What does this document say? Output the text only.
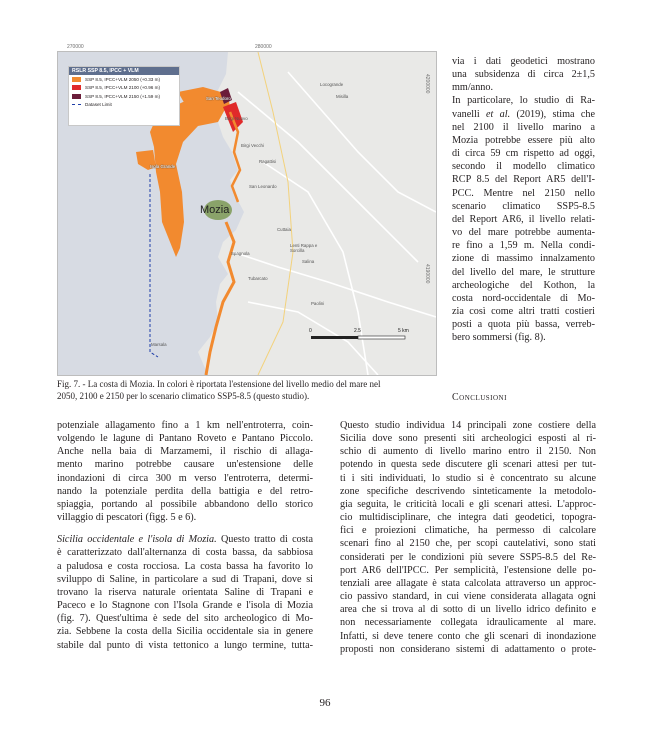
270000	280000
4200000
4190000
RSLR SSP 8.5, IPCC + VLM
SSP 8.5, IPCC+VLM 2050 (+0.33 m)
SSP 8.5, IPCC+VLM 2100 (+0.96 m)
SSP 8.5, IPCC+VLM 2150 (+1.59 m)
Dataset Limit
San Teodoro
Birgi Nuovo
Locogrande
Misilla
Birgi Vecchi
Ragattisi
Isola Grande
San Leonardo
Spagnola
Cuttaia
Lenti Rappa e Sorcilla
Salina
Tubarcato
Paolini
Marsala
Mozia
0	2.5	5 km
Fig. 7. - La costa di Mozia. In colori è riportata l'estensione del livello medio del mare nel
2050, 2100 e 2150 per lo scenario climatico SSP5-8.5 (questo studio).
via i dati geodetici mostrano
una subsidenza di circa 2±1,5
mm/anno.
In particolare, lo studio di Ra-
vanelli et al. (2019), stima che
nel 2100 il livello marino a
Mozia potrebbe essere più alto
di circa 59 cm rispetto ad oggi,
secondo il modello climatico
RCP 8.5 del Report AR5 dell'I-
PCC. Mentre nel 2150 nello
scenario climatico SSP5-8.5
del Report AR6, il livello relati-
vo del mare potrebbe aumenta-
re fino a 1,59 m. Nella condi-
zione di massimo innalzamento
del livello del mare, le strutture
archeologiche del Kothon, la
costa nord-occidentale di Mo-
zia così come altri tratti costieri
posti a quota più bassa, verreb-
bero sommersi (fig. 8).
Conclusioni
potenziale allagamento fino a 1 km nell'entroterra, coin-
volgendo le lagune di Pantano Roveto e Pantano Piccolo.
Anche nella baia di Marzamemi, il rischio di allaga-
mento marino potrebbe causare un'estensione delle
inondazioni di circa 300 m verso l'entroterra, determi-
nando la potenziale perdita della battigia e del retro-
spiaggia, portando al possibile abbandono dello storico
villaggio di pescatori (figg. 5 e 6).
Sicilia occidentale e l'isola di Mozia. Questo tratto di costa
è caratterizzato dall'alternanza di costa bassa, da sabbiosa
a paludosa e costa rocciosa. La costa bassa ha favorito lo
sviluppo di Saline, in particolare a sud di Trapani, dove si
trovano la riserva naturale orientata Saline di Trapani e
Paceco e lo Stagnone con l'Isola Grande e l'isola di Mozia
(fig. 7). Quest'ultima è sede del sito archeologico di Mo-
zia. Sebbene la costa della Sicilia occidentale sia in genere
stabile dal punto di vista tettonico a lungo termine, tutta-
Questo studio individua 14 principali zone costiere della
Sicilia dove sono presenti siti archeologici esposti al ri-
schio di aumento di livello marino entro il 2150. Non
potendo in questa sede discutere gli scenari attesi per tut-
ti i siti individuati, lo studio si è concentrato su alcune
zone specifiche descrivendo sinteticamente la metodolo-
gia seguita, le criticità locali e gli scenari attesi. L'approc-
cio multidisciplinare, che integra dati geodetici, topogra-
fici e proiezioni climatiche, ha permesso di calcolare
scenari fino al 2150 che, per scopi cautelativi, sono stati
considerati per le condizioni più severe SSP5-8.5 del Re-
port AR6 dell'IPCC. Per semplicità, l'estensione delle po-
tenziali aree allagate è stata calcolata attraverso un approc-
cio passivo standard, in cui viene considerata allagata ogni
area che si trova al di sotto di un livello idrico definito e
non necessariamente collegata idraulicamente al mare.
Infatti, si deve tenere conto che gli scenari di inondazione
proposti non considerano sistemi di adattamento o prote-
96
